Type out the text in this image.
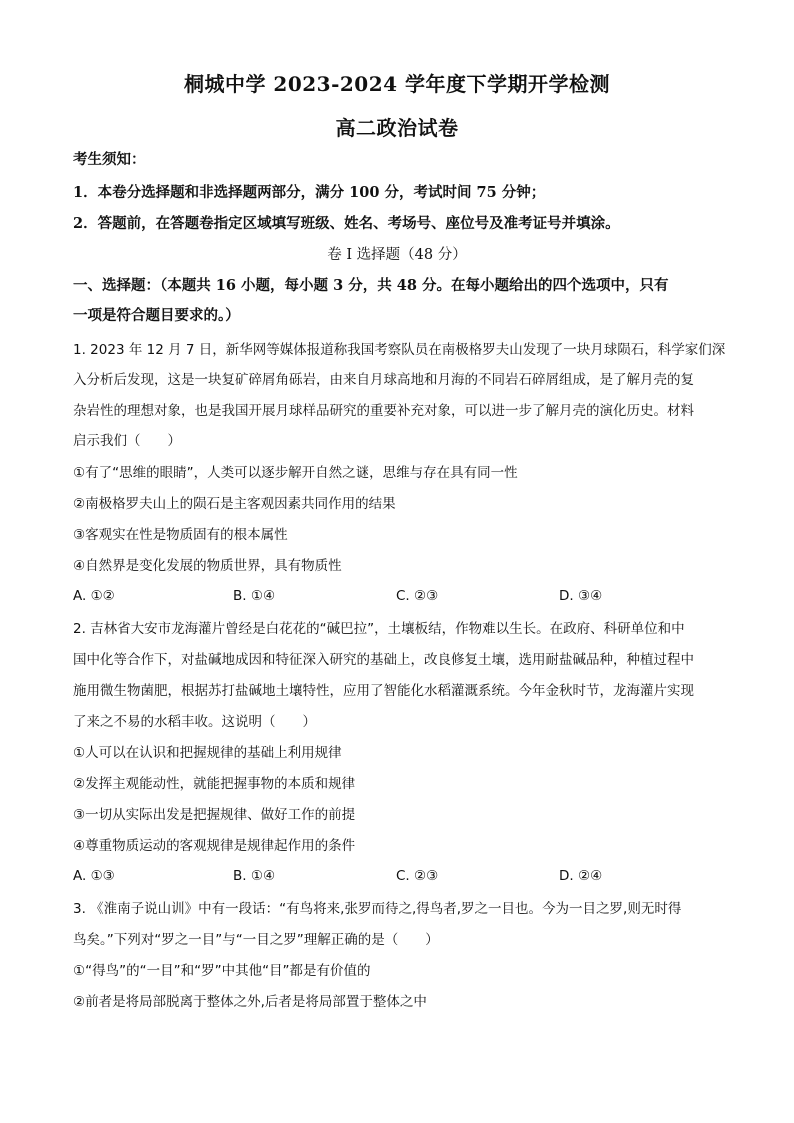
桐城中学 2023-2024 学年度下学期开学检测
高二政治试卷
考生须知：
1．本卷分选择题和非选择题两部分，满分 100 分，考试时间 75 分钟；
2．答题前，在答题卷指定区域填写班级、姓名、考场号、座位号及准考证号并填涂。
卷 I 选择题（48 分）
一、选择题：（本题共 16 小题，每小题 3 分，共 48 分。在每小题给出的四个选项中，只有
一项是符合题目要求的。）
1. 2023 年 12 月 7 日，新华网等媒体报道称我国考察队员在南极格罗夫山发现了一块月球陨石，科学家们深
入分析后发现，这是一块复矿碎屑角砾岩，由来自月球高地和月海的不同岩石碎屑组成，是了解月壳的复
杂岩性的理想对象，也是我国开展月球样品研究的重要补充对象，可以进一步了解月壳的演化历史。材料
启示我们（　　）
①有了“思维的眼睛”，人类可以逐步解开自然之谜，思维与存在具有同一性
②南极格罗夫山上的陨石是主客观因素共同作用的结果
③客观实在性是物质固有的根本属性
④自然界是变化发展的物质世界，具有物质性
A. ①②	B. ①④	C. ②③	D. ③④
2. 吉林省大安市龙海灌片曾经是白花花的“碱巴拉”，土壤板结，作物难以生长。在政府、科研单位和中
国中化等合作下，对盐碱地成因和特征深入研究的基础上，改良修复土壤，选用耐盐碱品种，种植过程中
施用微生物菌肥，根据苏打盐碱地土壤特性，应用了智能化水稻灌溉系统。今年金秋时节，龙海灌片实现
了来之不易的水稻丰收。这说明（　　）
①人可以在认识和把握规律的基础上利用规律
②发挥主观能动性，就能把握事物的本质和规律
③一切从实际出发是把握规律、做好工作的前提
④尊重物质运动的客观规律是规律起作用的条件
A. ①③	B. ①④	C. ②③	D. ②④
3. 《淮南子说山训》中有一段话：“有鸟将来,张罗而待之,得鸟者,罗之一目也。今为一目之罗,则无时得
鸟矣。”下列对“罗之一目”与“一目之罗”理解正确的是（　　）
①“得鸟”的“一目”和“罗”中其他“目”都是有价值的
②前者是将局部脱离于整体之外,后者是将局部置于整体之中
